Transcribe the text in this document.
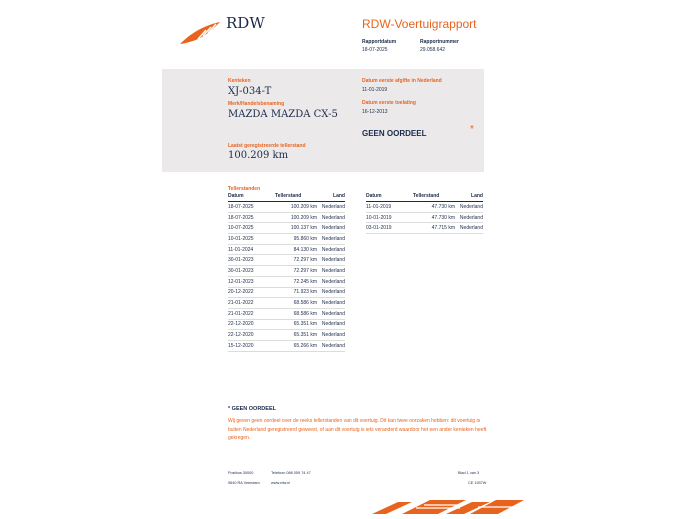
RDW	RDW-Voertuigrapport
Rapportdatum
18-07-2025
Rapportnummer
29.058.642
Kenteken
XJ-034-T
Merk/Handelsbenaming
MAZDA MAZDA CX-5
Laatst geregistreerde tellerstand
100.209 km
Datum eerste afgifte in Nederland
11-01-2019
Datum eerste toelating
16-12-2013
GEEN OORDEEL	*
Tellerstanden
Datum	Tellerstand	Land
18-07-2025	100.209 km	Nederland
18-07-2025	100.209 km	Nederland
10-07-2025	100.137 km	Nederland
10-01-2025	95.860 km	Nederland
11-01-2024	84.130 km	Nederland
30-01-2023	72.297 km	Nederland
30-01-2023	72.297 km	Nederland
12-01-2023	72.245 km	Nederland
20-12-2022	71.923 km	Nederland
21-01-2022	68.586 km	Nederland
21-01-2022	68.586 km	Nederland
22-12-2020	65.351 km	Nederland
22-12-2020	65.351 km	Nederland
15-12-2020	65.266 km	Nederland
Datum	Tellerstand	Land
11-01-2019	47.730 km	Nederland
10-01-2019	47.730 km	Nederland
03-01-2019	47.715 km	Nederland
* GEEN OORDEEL
Wij geven geen oordeel over de reeks tellerstanden van dit voertuig. Dit kan twee oorzaken hebben: dit voertuig is buiten Nederland geregistreerd geweest, of aan dit voertuig is iets veranderd waardoor het een ander kenteken heeft gekregen.
Postbus 30000
9640 RA Veendam
Telefoon 088 059 74 47
www.rdw.nl
Blad 1 van 3
CE 1937W
